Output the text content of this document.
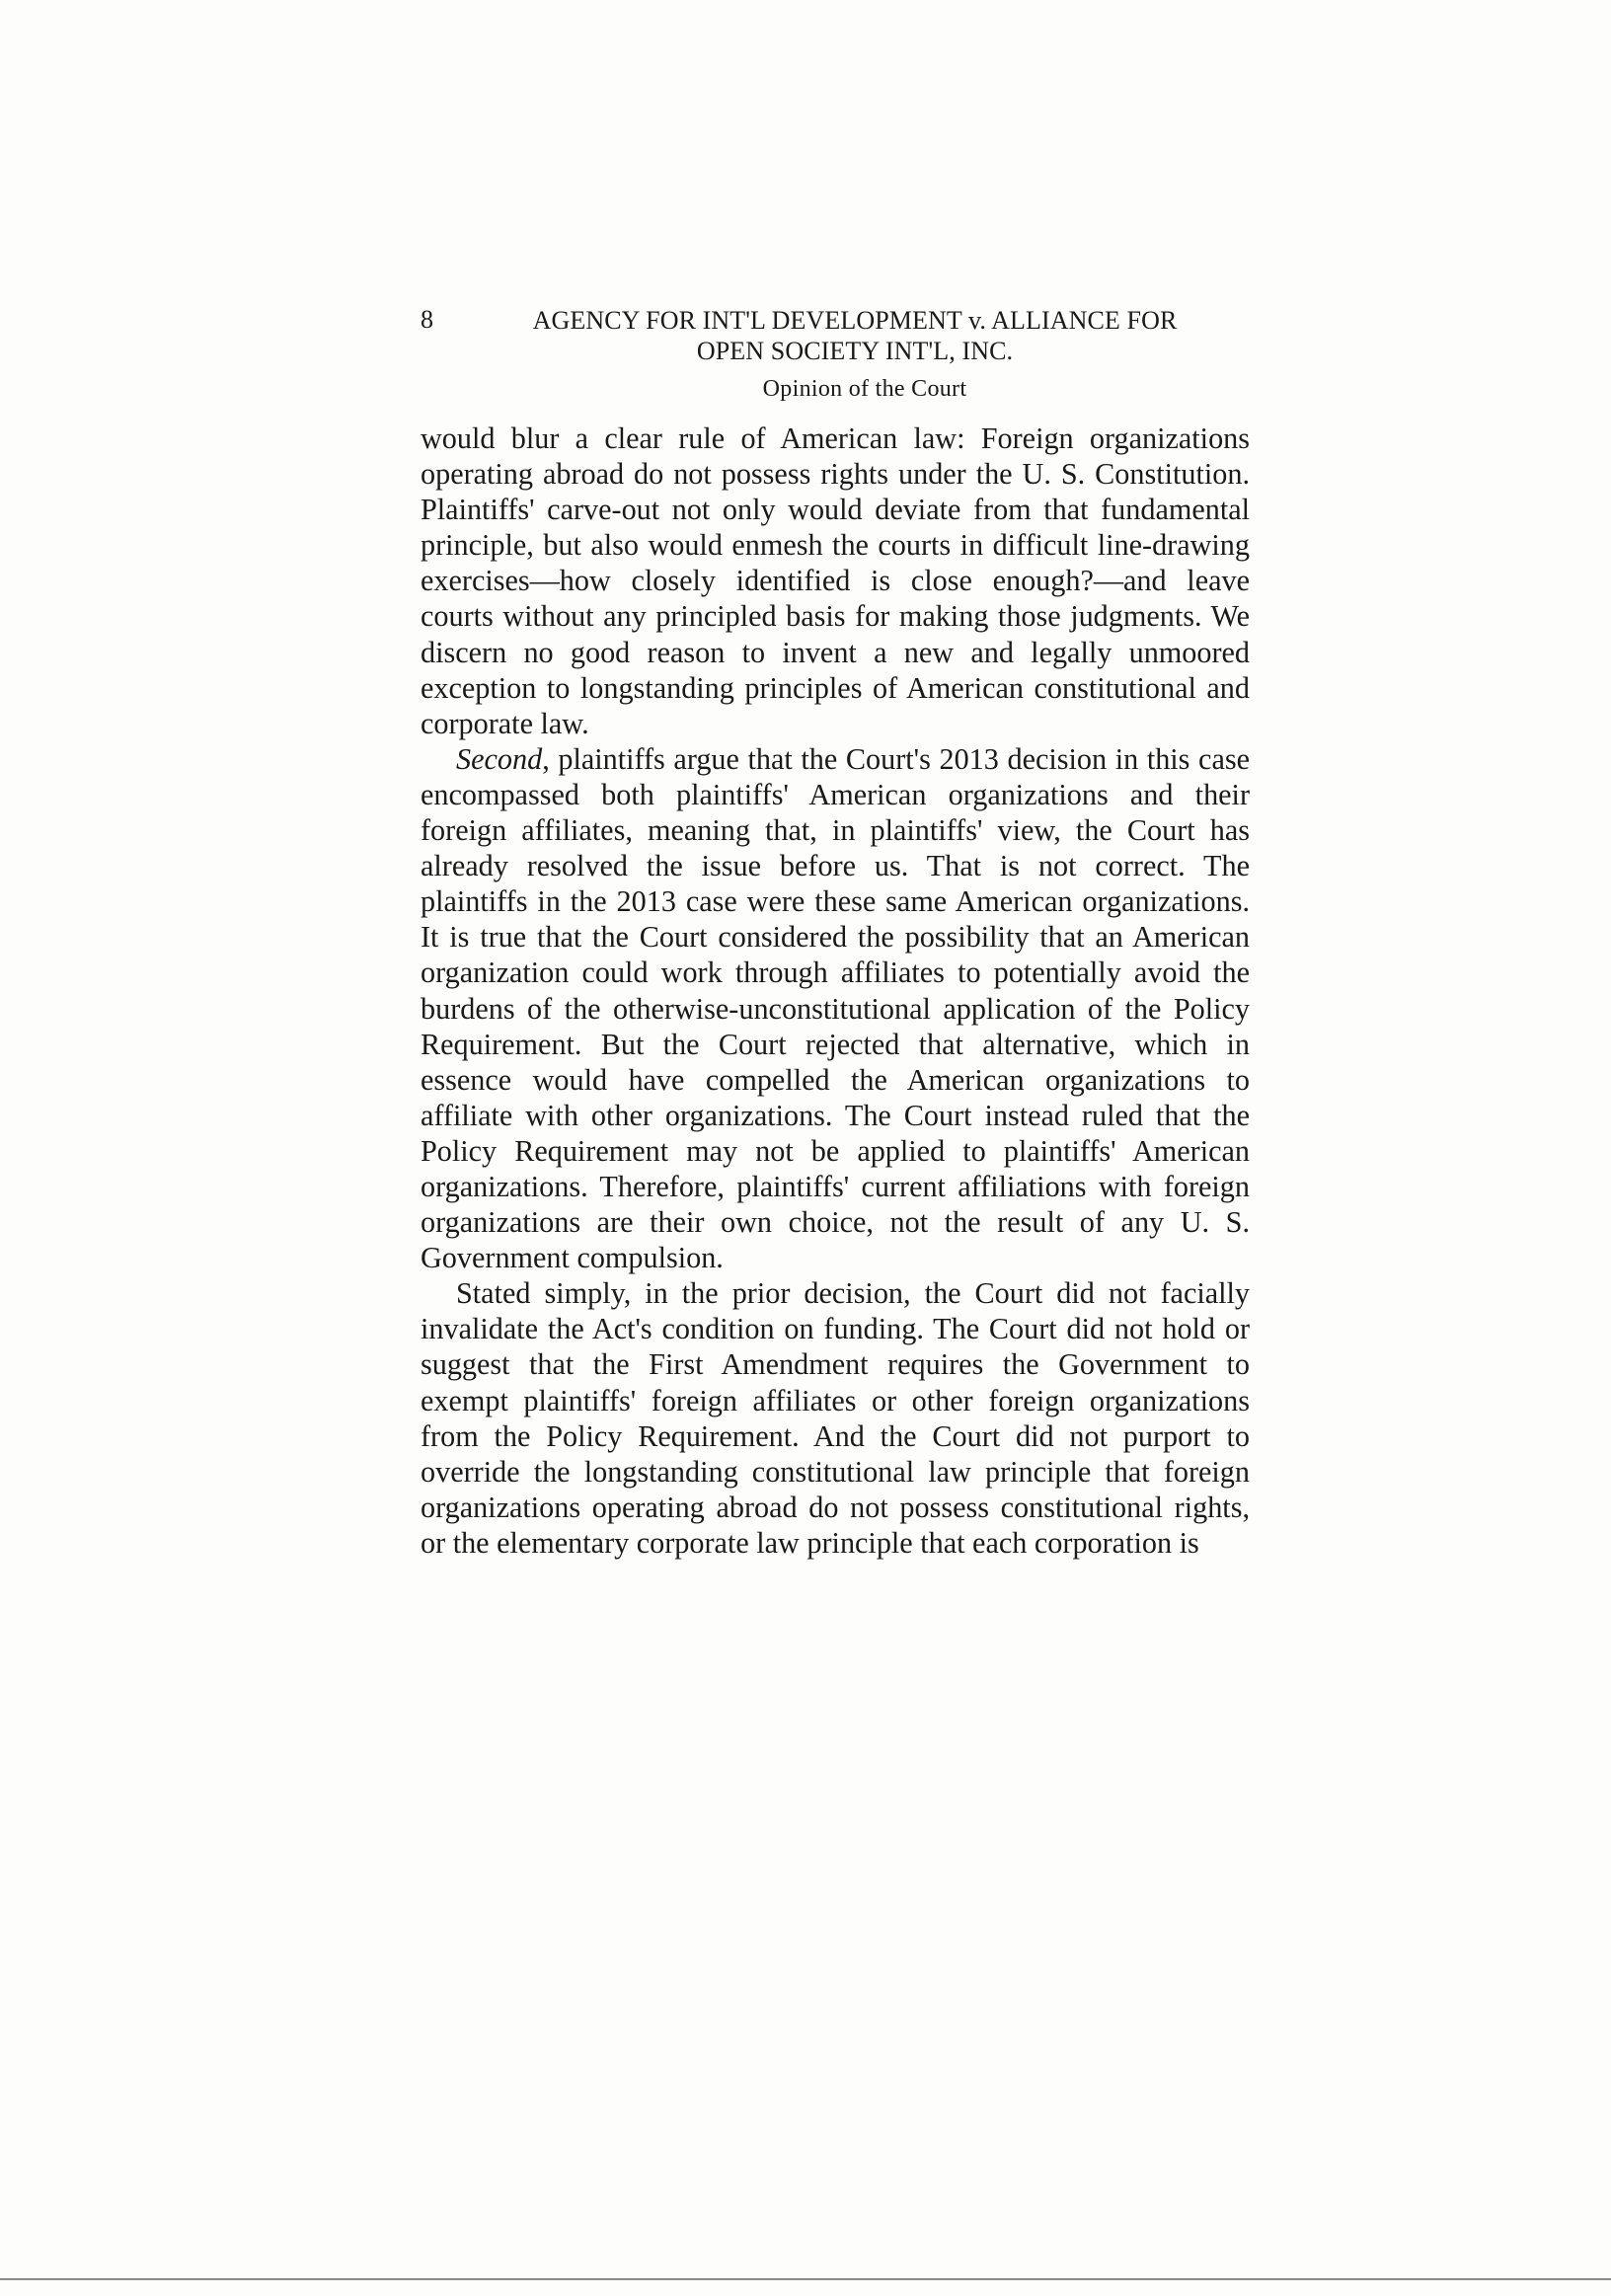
8	AGENCY FOR INT'L DEVELOPMENT v. ALLIANCE FOR
OPEN SOCIETY INT'L, INC.
Opinion of the Court

would blur a clear rule of American law: Foreign organizations operating abroad do not possess rights under the U. S. Constitution. Plaintiffs' carve-out not only would deviate from that fundamental principle, but also would enmesh the courts in difficult line-drawing exercises—how closely identified is close enough?—and leave courts without any principled basis for making those judgments. We discern no good reason to invent a new and legally unmoored exception to longstanding principles of American constitutional and corporate law.

Second, plaintiffs argue that the Court's 2013 decision in this case encompassed both plaintiffs' American organizations and their foreign affiliates, meaning that, in plaintiffs' view, the Court has already resolved the issue before us. That is not correct. The plaintiffs in the 2013 case were these same American organizations. It is true that the Court considered the possibility that an American organization could work through affiliates to potentially avoid the burdens of the otherwise-unconstitutional application of the Policy Requirement. But the Court rejected that alternative, which in essence would have compelled the American organizations to affiliate with other organizations. The Court instead ruled that the Policy Requirement may not be applied to plaintiffs' American organizations. Therefore, plaintiffs' current affiliations with foreign organizations are their own choice, not the result of any U. S. Government compulsion.

Stated simply, in the prior decision, the Court did not facially invalidate the Act's condition on funding. The Court did not hold or suggest that the First Amendment requires the Government to exempt plaintiffs' foreign affiliates or other foreign organizations from the Policy Requirement. And the Court did not purport to override the longstanding constitutional law principle that foreign organizations operating abroad do not possess constitutional rights, or the elementary corporate law principle that each corporation is
